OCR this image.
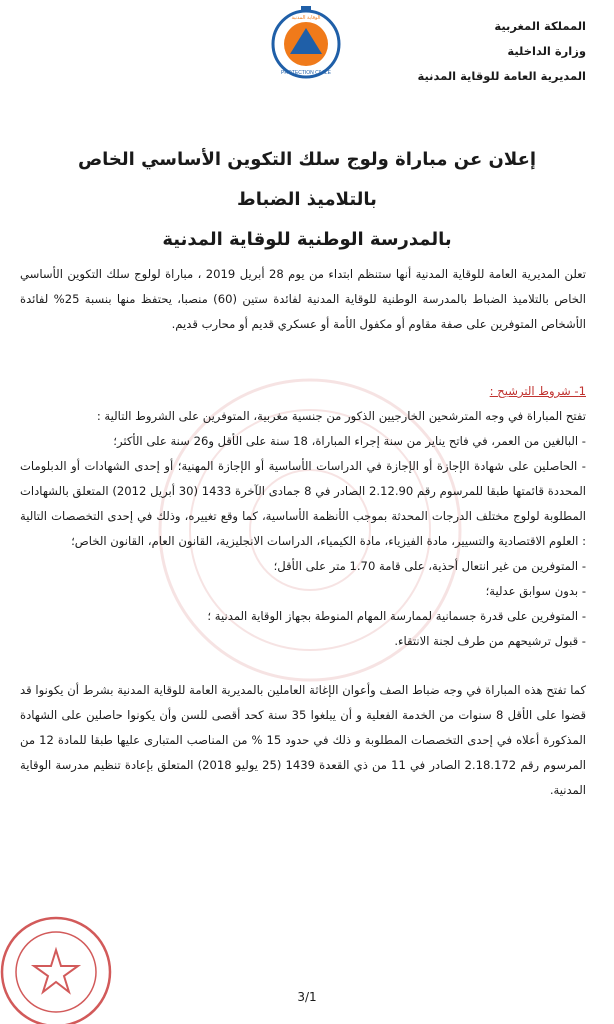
PROTECTION CIVILE
الوقاية المدنية
المملكة المغربية
وزارة الداخلية
المديرية العامة للوقاية المدنية
إعلان عن مباراة ولوج سلك التكوين الأساسي الخاص بالتلاميذ الضباط
بالمدرسة الوطنية للوقاية المدنية

تعلن المديرية العامة للوقاية المدنية أنها ستنظم ابتداء من يوم 28 أبريل 2019 ، مباراة لولوج سلك التكوين الأساسي الخاص بالتلاميذ الضباط بالمدرسة الوطنية للوقاية المدنية لفائدة ستين (60) منصبا، يحتفظ منها بنسبة 25% لفائدة الأشخاص المتوفرين على صفة مقاوم أو مكفول الأمة أو عسكري قديم أو محارب قديم.

1- شروط الترشيح :

تفتح المباراة في وجه المترشحين الخارجيين الذكور من جنسية مغربية، المتوفرين على الشروط التالية :

- البالغين من العمر، في فاتح يناير من سنة إجراء المباراة، 18 سنة على الأقل و26 سنة على الأكثر؛

- الحاصلين على شهادة الإجازة أو الإجازة في الدراسات الأساسية أو الإجازة المهنية؛ أو إحدى الشهادات أو الدبلومات المحددة قائمتها طبقا للمرسوم رقم 2.12.90 الصادر في 8 جمادى الآخرة 1433 (30 أبريل 2012) المتعلق بالشهادات المطلوبة لولوج مختلف الدرجات المحدثة بموجب الأنظمة الأساسية، كما وقع تغييره، وذلك في إحدى التخصصات التالية : العلوم الاقتصادية والتسيير، مادة الفيزياء، مادة الكيمياء، الدراسات الانجليزية، القانون العام، القانون الخاص؛

- المتوفرين من غير انتعال أحذية، على قامة 1.70 متر على الأقل؛

- بدون سوابق عدلية؛

- المتوفرين على قدرة جسمانية لممارسة المهام المنوطة بجهاز الوقاية المدنية ؛

- قبول ترشيحهم من طرف لجنة الانتقاء.

كما تفتح هذه المباراة في وجه ضباط الصف وأعوان الإغاثة العاملين بالمديرية العامة للوقاية المدنية بشرط أن يكونوا قد قضوا على الأقل 8 سنوات من الخدمة الفعلية و أن يبلغوا 35 سنة كحد أقصى للسن وأن يكونوا حاصلين على الشهادة المذكورة أعلاه في إحدى التخصصات المطلوبة و ذلك في حدود 15 % من المناصب المتبارى عليها طبقا للمادة 12 من المرسوم رقم 2.18.172 الصادر في 11 من ذي القعدة 1439 (25 يوليو 2018) المتعلق بإعادة تنظيم مدرسة الوقاية المدنية.

3/1
